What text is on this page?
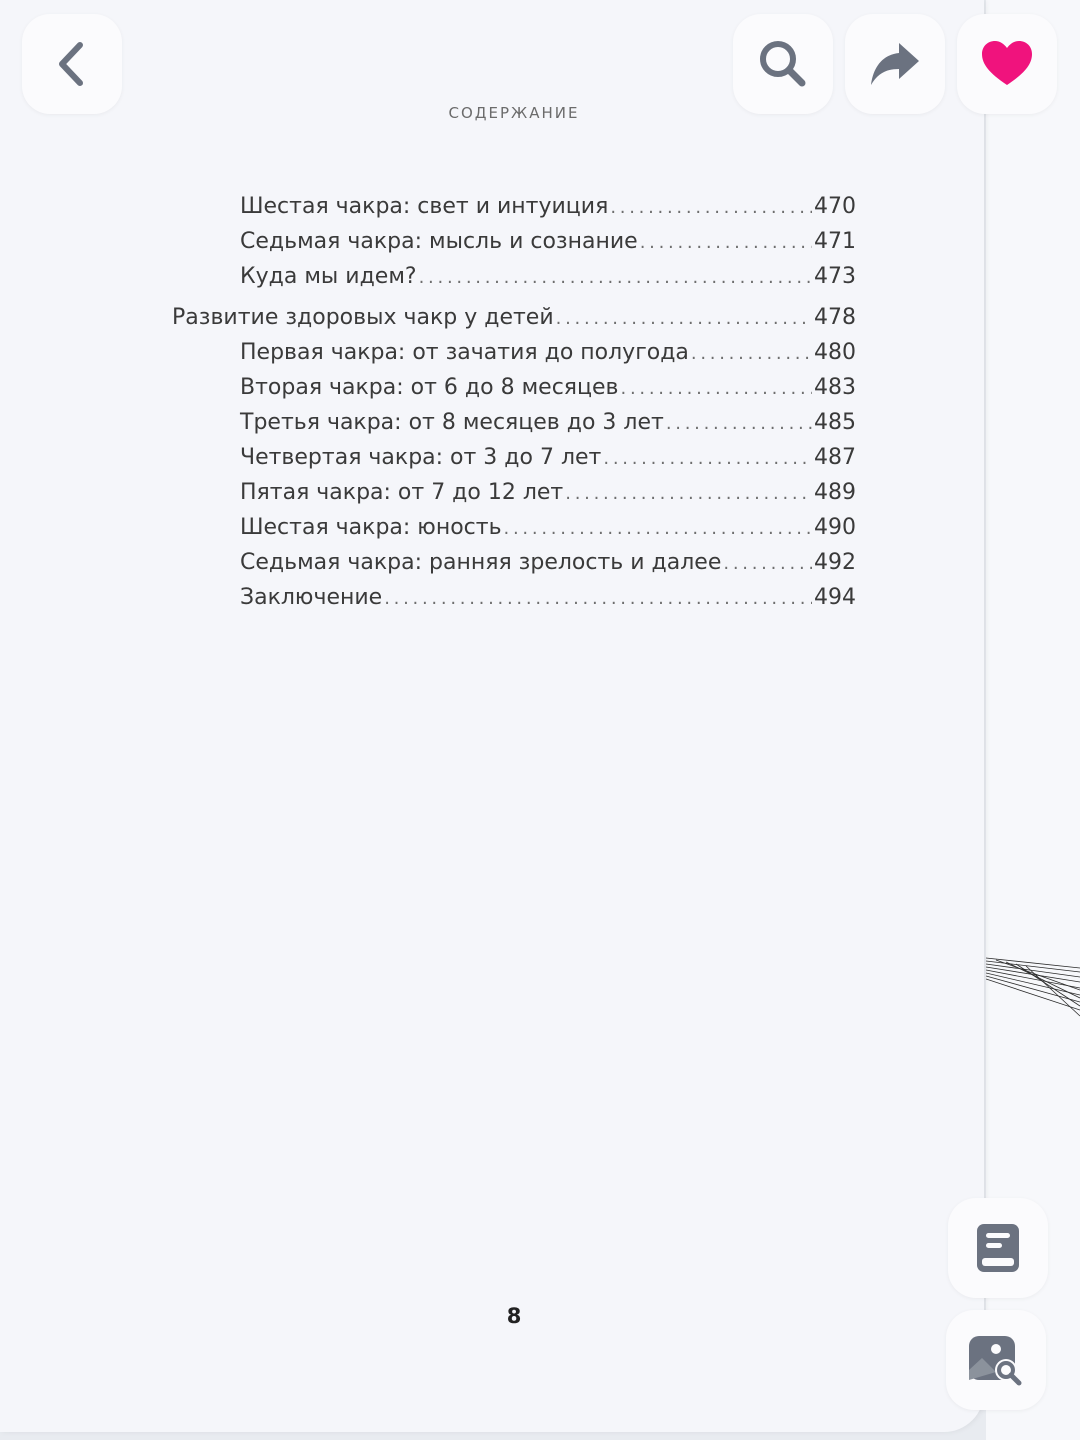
СОДЕРЖАНИЕ
Шестая чакра: свет и интуиция . . .	470
Седьмая чакра: мысль и сознание . . .	471
Куда мы идем? . . .	473
Развитие здоровых чакр у детей . . .	478
Первая чакра: от зачатия до полугода . . .	480
Вторая чакра: от 6 до 8 месяцев . . .	483
Третья чакра: от 8 месяцев до 3 лет . . .	485
Четвертая чакра: от 3 до 7 лет . . .	487
Пятая чакра: от 7 до 12 лет . . .	489
Шестая чакра: юность . . .	490
Седьмая чакра: ранняя зрелость и далее . . .	492
Заключение . . .	494
8
